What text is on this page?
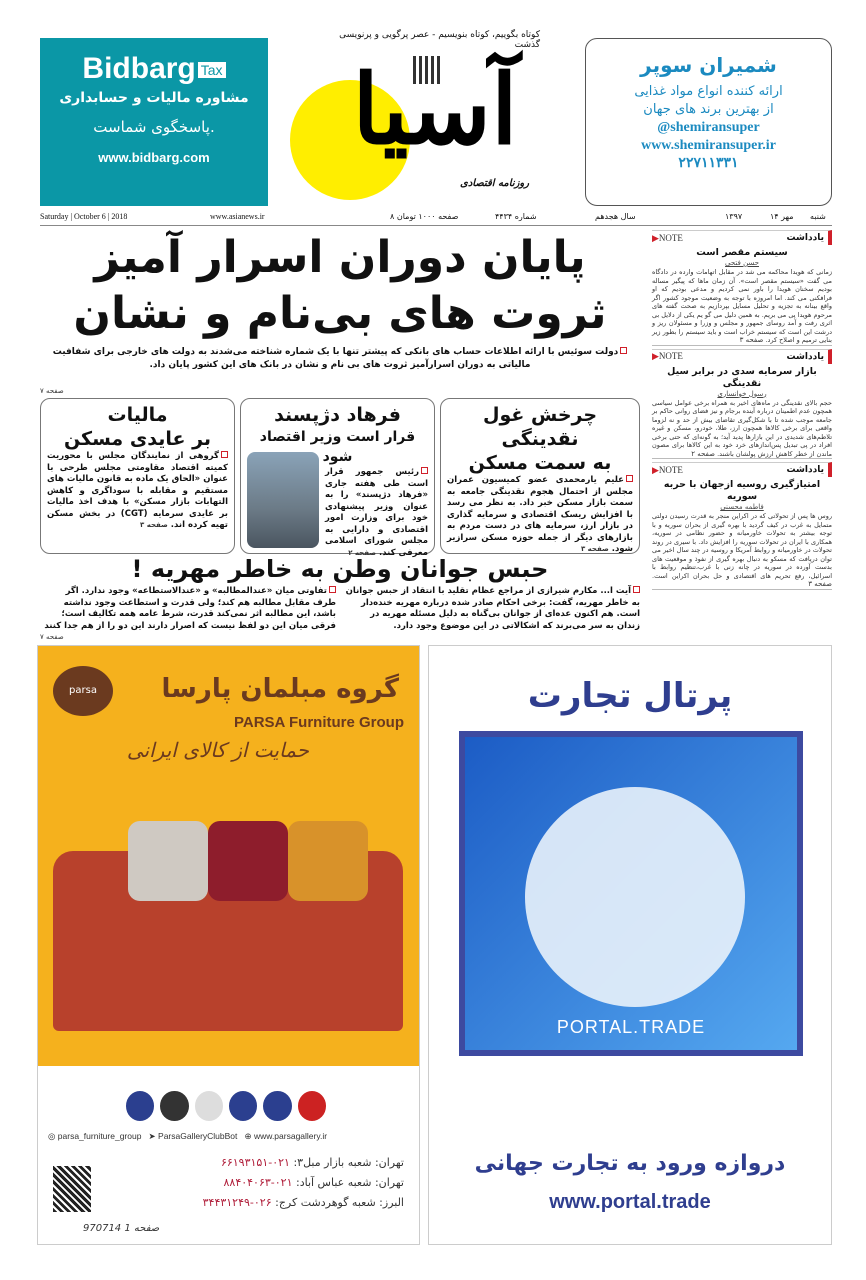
Bidbarg Tax
مشاوره مالیات و حسابداری
پاسخگوی شماست.
www.bidbarg.com
کوتاه بگوییم، کوتاه بنویسیم - عصر پرگویی و پرنویسی گذشت
آسیا
روزنامه اقتصادی
شمیران سوپر
ارائه کننده انواع مواد غذایی
از بهترین برند های جهان
@shemiransuper
www.shemiransuper.ir
۲۲۷۱۱۳۳۱
Saturday | October 6 | 2018	www.asianews.ir	۸ صفحه ۱۰۰۰ تومان	شماره ۴۴۳۴	سال هجدهم	۱۳۹۷	۱۴ مهر شنبه
پایان دوران اسرار آمیز
ثروت های بی‌نام و نشان
دولت سوئیس با ارائه اطلاعات حساب های بانکی که پیشتر تنها با یک شماره شناخته می‌شدند به دولت های خارجی برای شفافیت مالیاتی به دوران اسرارآمیز ثروت های بی نام و نشان در بانک های این کشور پایان داد.
صفحه ۷
چرخش غول نقدینگی
به سمت مسکن

علیم یارمحمدی عضو کمیسیون عمران مجلس از احتمال هجوم نقدینگی جامعه به سمت بازار مسکن خبر داد. به نظر می رسد با افزایش ریسک اقتصادی و سرمایه گذاری در بازار ارز، سرمایه های در دست مردم به بازارهای دیگر از جمله حوزه مسکن سرازیر شود. صفحه ۳

فرهاد دژپسند
قرار است وزیر اقتصاد شود

رئیس جمهور قرار است طی هفته جاری «فرهاد دژپسند» را به عنوان وزیر پیشنهادی خود برای وزارت امور اقتصادی و دارایی به مجلس شورای اسلامی معرفی کند. صفحه ۲

مالیات
بر عایدی مسکن

گروهی از نمایندگان مجلس با محوریت کمیته اقتصاد مقاومتی مجلس طرحی با عنوان «الحاق یک ماده به قانون مالیات های مستقیم و مقابله با سوداگری و کاهش التهابات بازار مسکن» با هدف اخذ مالیات بر عایدی سرمایه (CGT) در بخش مسکن تهیه کرده اند. صفحه ۳

حبس جوانان وطن به خاطر مهریه !
آیت ا... مکارم شیرازی از مراجع عظام تقلید با انتقاد از حبس جوانان به خاطر مهریه، گفت: برخی احکام صادر شده درباره مهریه خنده‌دار است. هم اکنون عده‌ای از جوانان بی‌گناه به دلیل مسئله مهریه در زندان به سر می‌برند که اشکالاتی در این موضوع وجود دارد.
تفاوتی میان «عندالمطالبه» و «عندالاستطاعه» وجود ندارد. اگر طرف مقابل مطالبه هم کند؛ ولی قدرت و استطاعت وجود نداشته باشد، این مطالبه اثر نمی‌کند قدرت، شرط عامه همه تکالیف است؛ فرقی میان این دو لفظ نیست که اصرار دارند این دو را از هم جدا کنند
صفحه ۷
یادداشت
▶ NOTE
سیستم مقصر است
حسن فتحی
زمانی که هویدا محاکمه می شد در مقابل اتهامات وارده در دادگاه می گفت «سیستم مقصر است». آن زمان ماها که پیگیر مساله بودیم سخنان هویدا را باور نمی کردیم و مدعی بودیم که او فرافکنی می کند. اما امروزه با توجه به وضعیت موجود کشور اگر واقع بینانه به تجزیه و تحلیل مسایل بپردازیم به صحت گفته های مرحوم هویدا پی می بریم. به همین دلیل می گو یم یکی از دلایل بی اثری رفت و آمد روسای جمهور و مجلس و وزرا و مسئولان ریز و درشت این است که سیستم خراب است و باید سیستم را بطور زیر بنایی ترمیم و اصلاح کرد. صفحه ۳
یادداشت
▶ NOTE
بازار سرمایه سدی در برابر سیل نقدینگی
رسول خوانساری
حجم بالای نقدینگی در ماه‌های اخیر به همراه برخی عوامل سیاسی همچون عدم اطمینان درباره آینده برجام و نیز فضای روانی حاکم بر جامعه موجب شده تا با شکل‌گیری تقاضای بیش از حد و نه لزوما واقعی برای برخی کالاها همچون ارز، طلا، خودرو، مسکن و غیره تلاطم‌های شدیدی در این بازارها پدید آید؛ به گونه‌ای که حتی برخی افراد در پی تبدیل پس‌اندازهای خرد خود به این کالاها برای مصون ماندن از خطر کاهش ارزش پولشان باشند. صفحه ۲
یادداشت
▶ NOTE
امتیازگیری روسیه ازجهان با حربه سوریه
فاطمه محسنی
روس ها پس از تحولاتی که در اکراین منجر به قدرت رسیدن دولتی متمایل به غرب در کیف گردید با بهره گیری از بحران سوریه و با توجه بیشتر به تحولات خاورمیانه و حضور نظامی در سوریه، همکاری با ایران در تحولات سوریه را افزایش داد. با سیری در روند تحولات در خاورمیانه و روابط آمریکا و روسیه در چند سال اخیر می توان دریافت که مسکو به دنبال بهره گیری از نفوذ و موقعیت های بدست آورده در سوریه در چانه زنی با غرب،تنظیم روابط با اسرائیل، رفع تحریم های اقتصادی و حل بحران اکراین است. صفحه ۳
parsa	گروه مبلمان پارسا
PARSA Furniture Group
حمایت از کالای ایرانی
◎ parsa_furniture_group ➤ ParsaGalleryClubBot ⊕ www.parsagallery.ir
تهران: شعبه بازار مبل۳: ۰۲۱-۶۶۱۹۳۱۵۱
تهران: شعبه عباس آباد: ۰۲۱-۸۸۴۰۴۰۶۳
البرز: شعبه گوهردشت کرج: ۰۲۶-۳۴۴۳۱۲۴۹
970714 1 صفحه
پرتال تجارت
PORTAL.TRADE
دروازه ورود به تجارت جهانی
www.portal.trade
